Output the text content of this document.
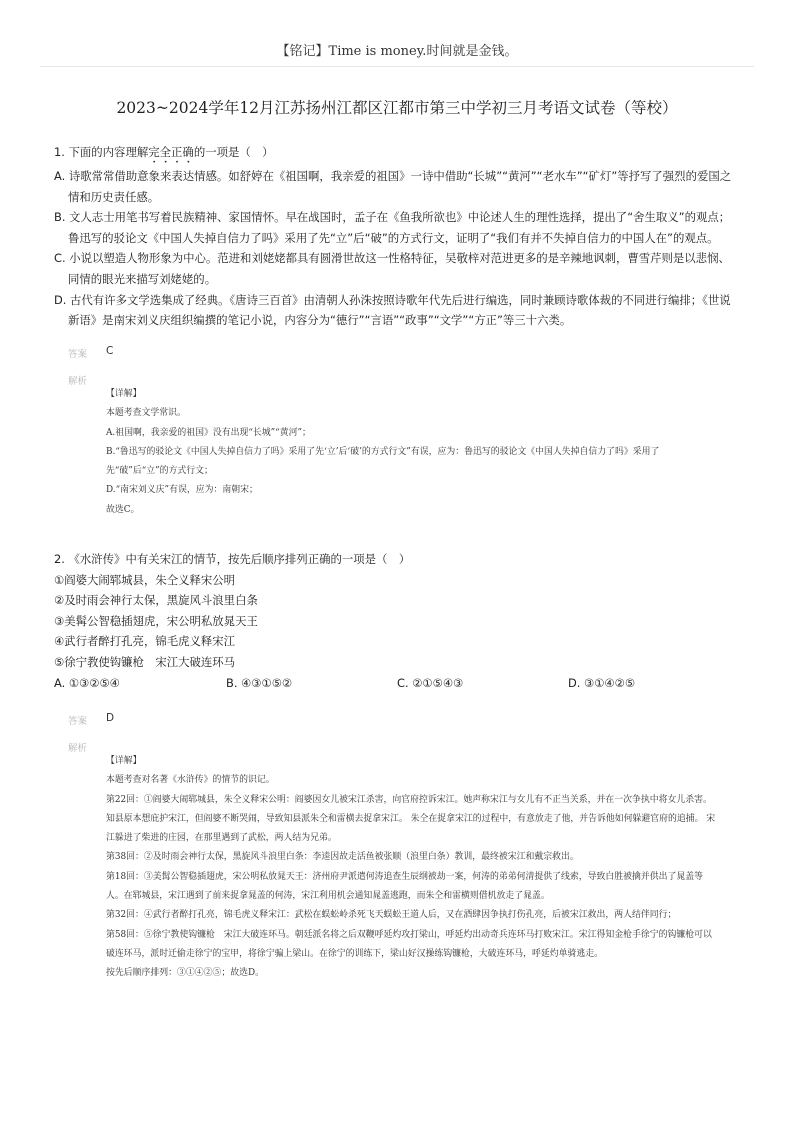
【铭记】Time is money.时间就是金钱。
2023~2024学年12月江苏扬州江都区江都市第三中学初三月考语文试卷（等校）
1. 下面的内容理解完全正确的一项是（　）
A. 诗歌常常借助意象来表达情感。如舒婷在《祖国啊，我亲爱的祖国》一诗中借助“长城”“黄河”“老水车”“矿灯”等抒写了强烈的爱国之情和历史责任感。
B. 文人志士用笔书写着民族精神、家国情怀。早在战国时，孟子在《鱼我所欲也》中论述人生的理性选择，提出了“舍生取义”的观点；鲁迅写的驳论文《中国人失掉自信力了吗》采用了先“立”后“破”的方式行文，证明了“我们有并不失掉自信力的中国人在”的观点。
C. 小说以塑造人物形象为中心。范进和刘姥姥都具有圆滑世故这一性格特征，吴敬梓对范进更多的是辛辣地讽刺，曹雪芹则是以悲悯、同情的眼光来描写刘姥姥的。
D. 古代有许多文学选集成了经典。《唐诗三百首》由清朝人孙洙按照诗歌年代先后进行编选，同时兼顾诗歌体裁的不同进行编排；《世说新语》是南宋刘义庆组织编撰的笔记小说，内容分为“德行”“言语”“政事”“文学”“方正”等三十六类。
答案 C
解析
【详解】
本题考查文学常识。
A.祖国啊，我亲爱的祖国》没有出现“长城”“黄河”；
B.“鲁迅写的驳论文《中国人失掉自信力了吗》采用了先‘立’后‘破’的方式行文”有误，应为：鲁迅写的驳论文《中国人失掉自信力了吗》采用了先“破”后“立”的方式行文；
D.“南宋刘义庆”有误，应为：南朝宋；
故选C。
2. 《水浒传》中有关宋江的情节，按先后顺序排列正确的一项是（　）
①阎婆大闹郓城县，朱仝义释宋公明
②及时雨会神行太保，黑旋风斗浪里白条
③美髯公智稳插翅虎，宋公明私放晁天王
④武行者醉打孔亮，锦毛虎义释宋江
⑤徐宁教使钩镰枪　宋江大破连环马
A. ①③②⑤④	B. ④③①⑤②	C. ②①⑤④③	D. ③①④②⑤
答案 D
解析
【详解】
本题考查对名著《水浒传》的情节的识记。
第22回：①阎婆大闹郓城县，朱仝义释宋公明：阎婆因女儿被宋江杀害，向官府控诉宋江。她声称宋江与女儿有不正当关系，并在一次争执中将女儿杀害。 知县原本想庇护宋江，但阎婆不断哭闹，导致知县派朱仝和雷横去捉拿宋江。 朱仝在捉拿宋江的过程中，有意放走了他，并告诉他如何躲避官府的追捕。 宋江躲进了柴进的庄园，在那里遇到了武松，两人结为兄弟。
第38回：②及时雨会神行太保，黑旋风斗浪里白条：李逵因故走活鱼被张顺（浪里白条）教训，最终被宋江和戴宗救出。
第18回：③美髯公智稳插翅虎，宋公明私放晁天王：济州府尹派遣何涛追查生辰纲被劫一案，何涛的弟弟何清提供了线索，导致白胜被擒并供出了晁盖等人。在郓城县，宋江遇到了前来捉拿晁盖的何涛，宋江利用机会通知晁盖逃跑，而朱仝和雷横则借机放走了晁盖。
第32回：④武行者醉打孔亮，锦毛虎义释宋江：武松在蜈蚣岭杀死飞天蜈蚣王道人后，又在酒肆因争执打伤孔亮，后被宋江救出，两人结伴同行；
第58回：⑤徐宁教使钩镰枪　宋江大破连环马。朝廷派名将之后双鞭呼延灼攻打梁山，呼延灼出动奇兵连环马打败宋江。宋江得知金枪手徐宁的钩镰枪可以破连环马，派时迁偷走徐宁的宝甲，将徐宁骗上梁山。在徐宁的训练下，梁山好汉操练钩镰枪，大破连环马，呼延灼单骑逃走。
按先后顺序排列：③①④②⑤；故选D。
